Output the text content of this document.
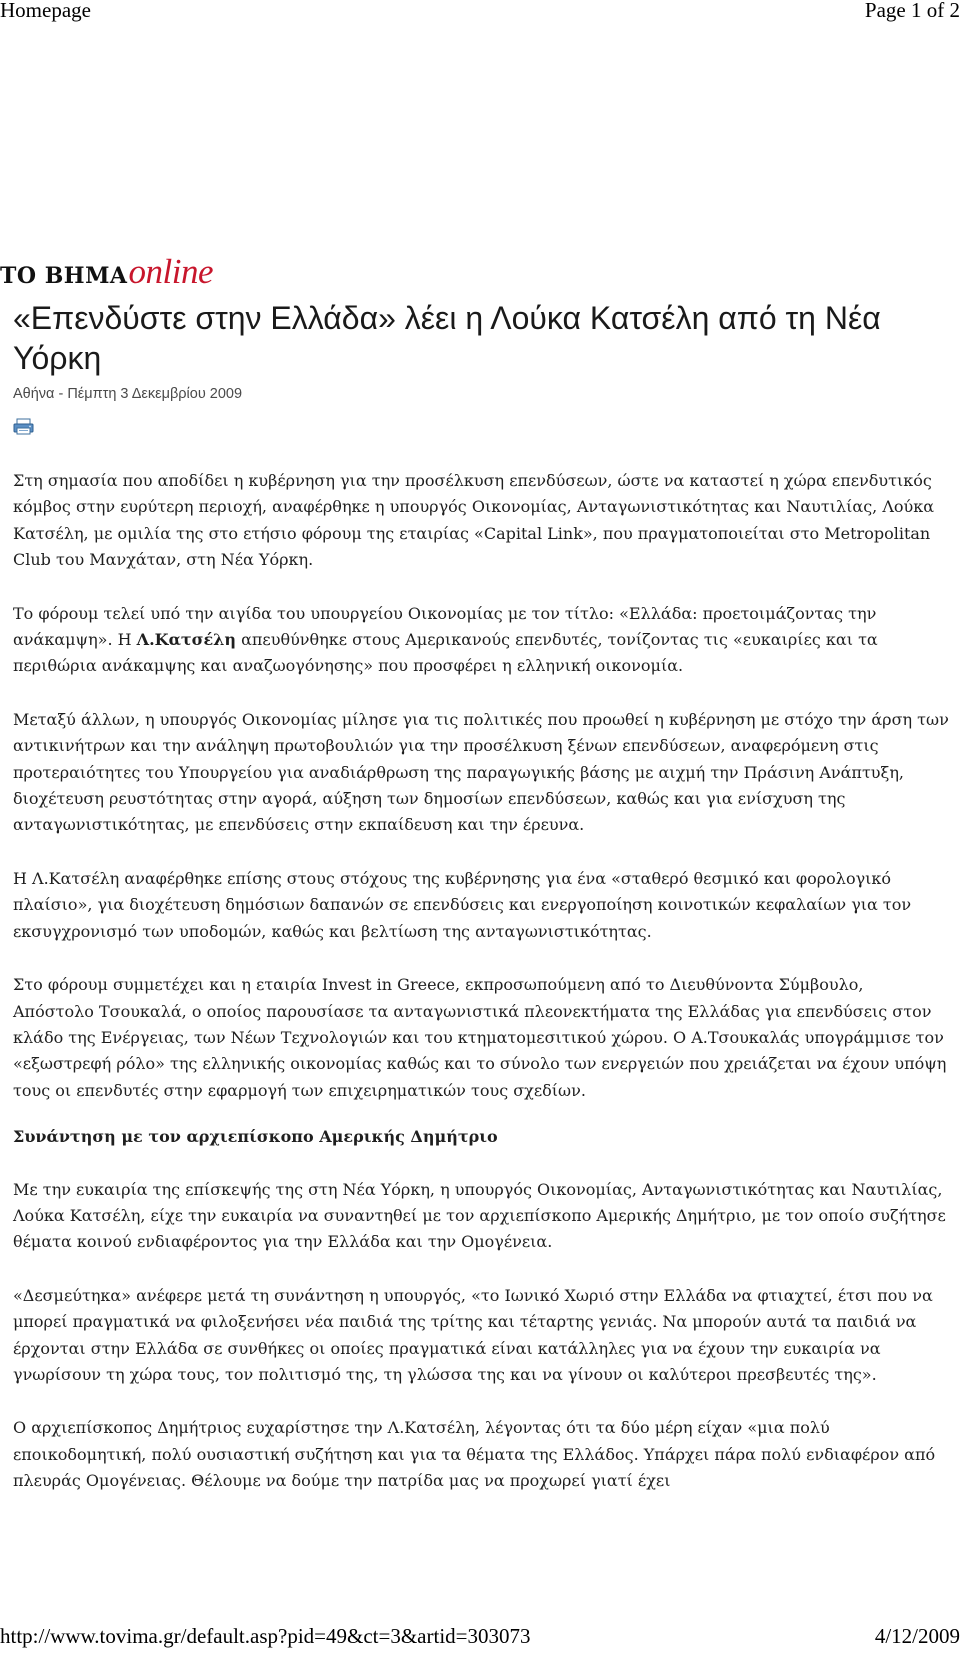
Homepage	Page 1 of 2
ΤΟ ΒΗΜΑonline
«Επενδύστε στην Ελλάδα» λέει η Λούκα Κατσέλη από τη Νέα Υόρκη
Αθήνα - Πέμπτη 3 Δεκεμβρίου 2009

Στη σημασία που αποδίδει η κυβέρνηση για την προσέλκυση επενδύσεων, ώστε να καταστεί η χώρα επενδυτικός κόμβος στην ευρύτερη περιοχή, αναφέρθηκε η υπουργός Οικονομίας, Ανταγωνιστικότητας και Ναυτιλίας, Λούκα Κατσέλη, με ομιλία της στο ετήσιο φόρουμ της εταιρίας «Capital Link», που πραγματοποιείται στο Metropolitan Club του Μανχάταν, στη Νέα Υόρκη.

Το φόρουμ τελεί υπό την αιγίδα του υπουργείου Οικονομίας με τον τίτλο: «Ελλάδα: προετοιμάζοντας την ανάκαμψη». Η Λ.Κατσέλη απευθύνθηκε στους Αμερικανούς επενδυτές, τονίζοντας τις «ευκαιρίες και τα περιθώρια ανάκαμψης και αναζωογόνησης» που προσφέρει η ελληνική οικονομία.

Μεταξύ άλλων, η υπουργός Οικονομίας μίλησε για τις πολιτικές που προωθεί η κυβέρνηση με στόχο την άρση των αντικινήτρων και την ανάληψη πρωτοβουλιών για την προσέλκυση ξένων επενδύσεων, αναφερόμενη στις προτεραιότητες του Υπουργείου για αναδιάρθρωση της παραγωγικής βάσης με αιχμή την Πράσινη Ανάπτυξη, διοχέτευση ρευστότητας στην αγορά, αύξηση των δημοσίων επενδύσεων, καθώς και για ενίσχυση της ανταγωνιστικότητας, με επενδύσεις στην εκπαίδευση και την έρευνα.

Η Λ.Κατσέλη αναφέρθηκε επίσης στους στόχους της κυβέρνησης για ένα «σταθερό θεσμικό και φορολογικό πλαίσιο», για διοχέτευση δημόσιων δαπανών σε επενδύσεις και ενεργοποίηση κοινοτικών κεφαλαίων για τον εκσυγχρονισμό των υποδομών, καθώς και βελτίωση της ανταγωνιστικότητας.

Στο φόρουμ συμμετέχει και η εταιρία Invest in Greece, εκπροσωπούμενη από το Διευθύνοντα Σύμβουλο, Απόστολο Τσουκαλά, ο οποίος παρουσίασε τα ανταγωνιστικά πλεονεκτήματα της Ελλάδας για επενδύσεις στον κλάδο της Ενέργειας, των Νέων Τεχνολογιών και του κτηματομεσιτικού χώρου. Ο Α.Τσουκαλάς υπογράμμισε τον «εξωστρεφή ρόλο» της ελληνικής οικονομίας καθώς και το σύνολο των ενεργειών που χρειάζεται να έχουν υπόψη τους οι επενδυτές στην εφαρμογή των επιχειρηματικών τους σχεδίων.

Συνάντηση με τον αρχιεπίσκοπο Αμερικής Δημήτριο

Με την ευκαιρία της επίσκεψής της στη Νέα Υόρκη, η υπουργός Οικονομίας, Ανταγωνιστικότητας και Ναυτιλίας, Λούκα Κατσέλη, είχε την ευκαιρία να συναντηθεί με τον αρχιεπίσκοπο Αμερικής Δημήτριο, με τον οποίο συζήτησε θέματα κοινού ενδιαφέροντος για την Ελλάδα και την Ομογένεια.

«Δεσμεύτηκα» ανέφερε μετά τη συνάντηση η υπουργός, «το Ιωνικό Χωριό στην Ελλάδα να φτιαχτεί, έτσι που να μπορεί πραγματικά να φιλοξενήσει νέα παιδιά της τρίτης και τέταρτης γενιάς. Να μπορούν αυτά τα παιδιά να έρχονται στην Ελλάδα σε συνθήκες οι οποίες πραγματικά είναι κατάλληλες για να έχουν την ευκαιρία να γνωρίσουν τη χώρα τους, τον πολιτισμό της, τη γλώσσα της και να γίνουν οι καλύτεροι πρεσβευτές της».

Ο αρχιεπίσκοπος Δημήτριος ευχαρίστησε την Λ.Κατσέλη, λέγοντας ότι τα δύο μέρη είχαν «μια πολύ εποικοδομητική, πολύ ουσιαστική συζήτηση και για τα θέματα της Ελλάδος. Υπάρχει πάρα πολύ ενδιαφέρον από πλευράς Ομογένειας. Θέλουμε να δούμε την πατρίδα μας να προχωρεί γιατί έχει

http://www.tovima.gr/default.asp?pid=49&ct=3&artid=303073	4/12/2009
